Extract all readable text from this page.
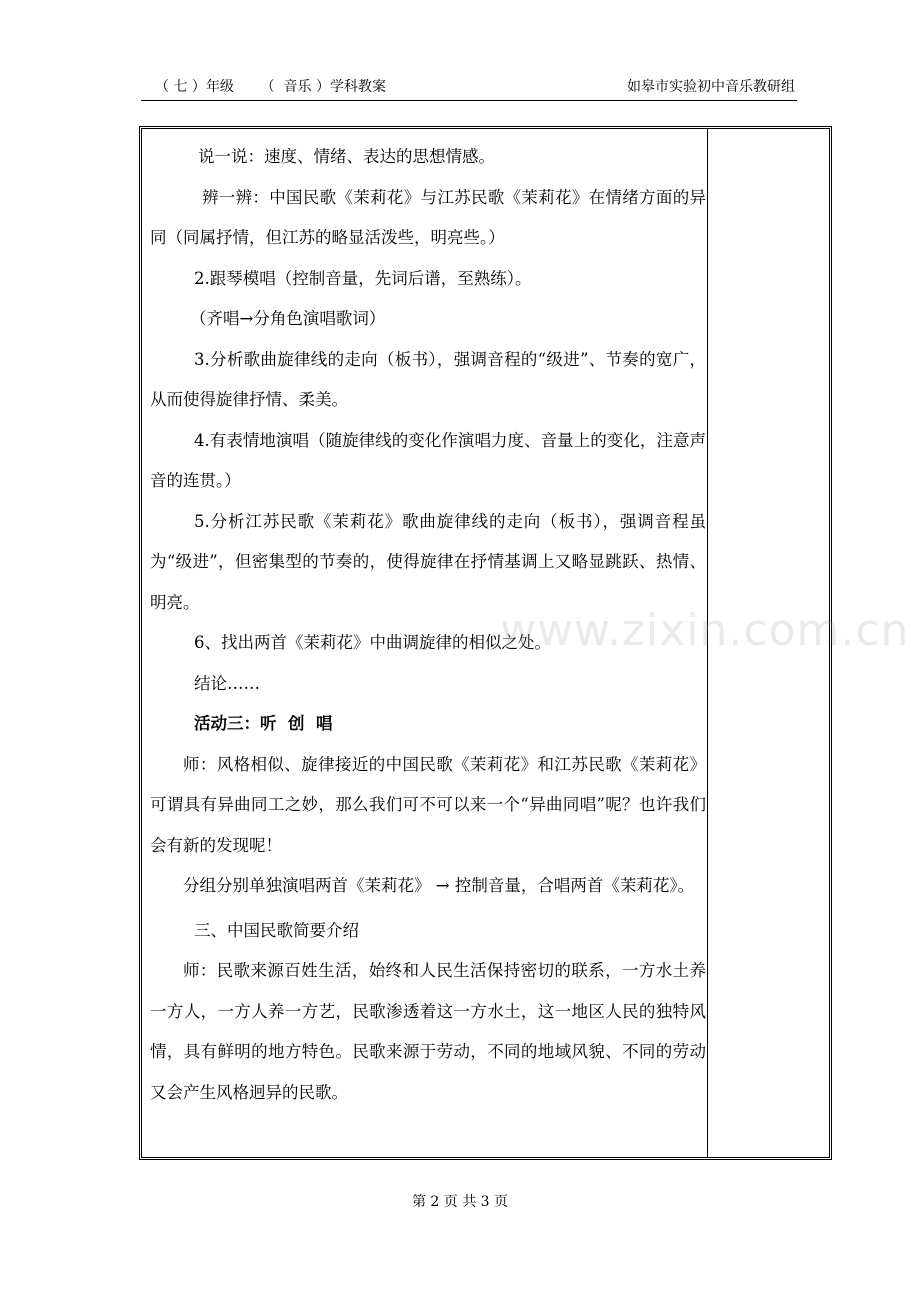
（ 七 ）年级      （  音乐 ）学科教案	如皋市实验初中音乐教研组

说一说：速度、情绪、表达的思想情感。

辨一辨：中国民歌《茉莉花》与江苏民歌《茉莉花》在情绪方面的异同（同属抒情，但江苏的略显活泼些，明亮些。）

2.跟琴模唱（控制音量，先词后谱，至熟练）。

（齐唱→分角色演唱歌词）

3.分析歌曲旋律线的走向（板书），强调音程的“级进”、节奏的宽广，从而使得旋律抒情、柔美。

4.有表情地演唱（随旋律线的变化作演唱力度、音量上的变化，注意声音的连贯。）

5.分析江苏民歌《茉莉花》歌曲旋律线的走向（板书），强调音程虽为“级进”，但密集型的节奏的，使得旋律在抒情基调上又略显跳跃、热情、明亮。

6、找出两首《茉莉花》中曲调旋律的相似之处。

结论……

活动三：听  创  唱

师：风格相似、旋律接近的中国民歌《茉莉花》和江苏民歌《茉莉花》可谓具有异曲同工之妙，那么我们可不可以来一个“异曲同唱”呢？也许我们会有新的发现呢！

分组分别单独演唱两首《茉莉花》 → 控制音量，合唱两首《茉莉花》。

三、中国民歌简要介绍

师：民歌来源百姓生活，始终和人民生活保持密切的联系，一方水土养一方人，一方人养一方艺，民歌渗透着这一方水土，这一地区人民的独特风情，具有鲜明的地方特色。民歌来源于劳动，不同的地域风貌、不同的劳动又会产生风格迥异的民歌。

www.zixin.com.cn
第 2 页 共 3 页
